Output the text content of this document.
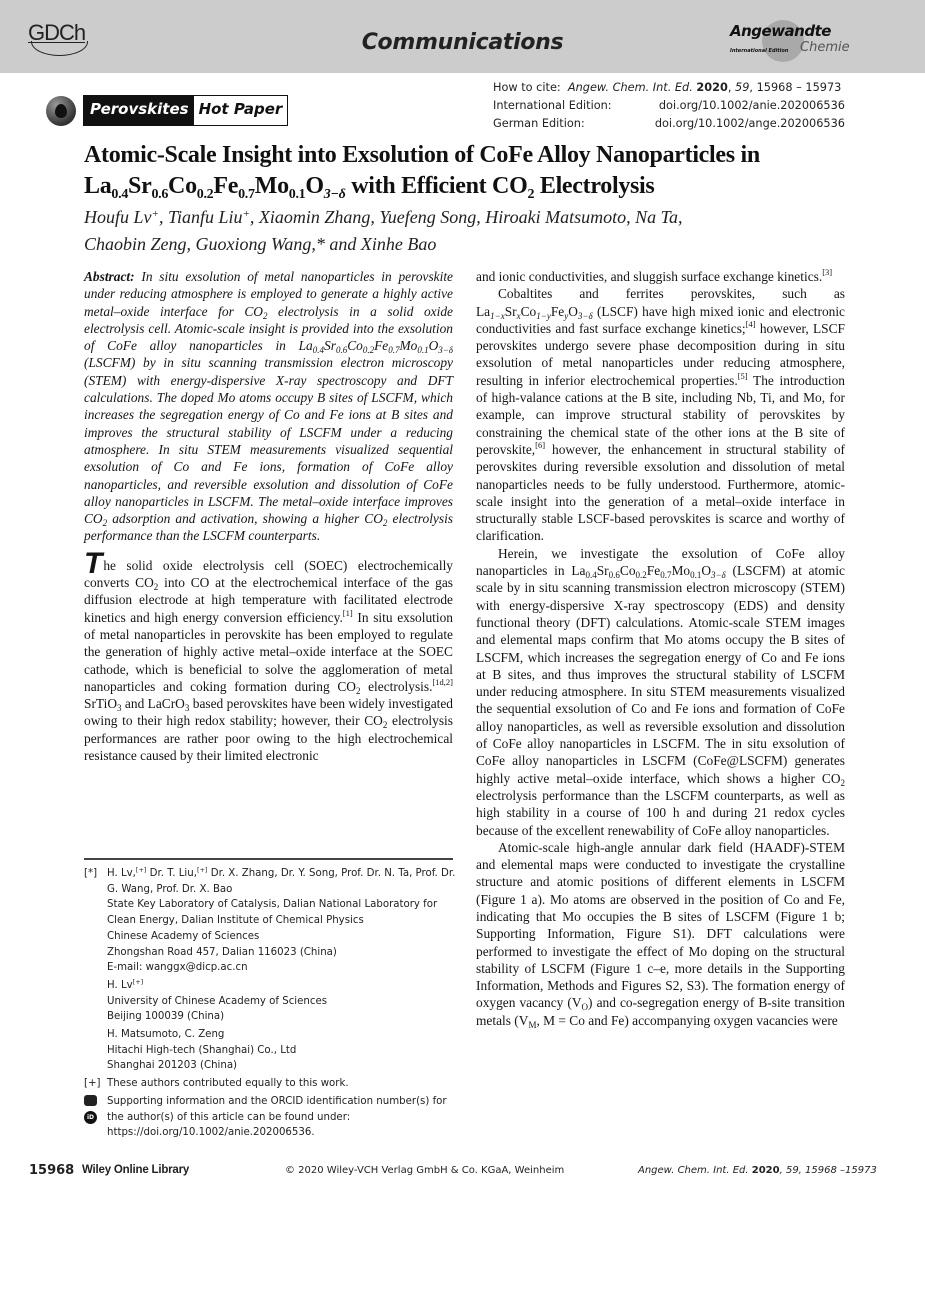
GDCh	Communications	Angewandte
International Edition Chemie
Perovskites Hot Paper
How to cite: Angew. Chem. Int. Ed. 2020, 59, 15968 – 15973
International Edition:	doi.org/10.1002/anie.202006536
German Edition:	doi.org/10.1002/ange.202006536
Atomic-Scale Insight into Exsolution of CoFe Alloy Nanoparticles in
$La_{0.4}Sr_{0.6}Co_{0.2}Fe_{0.7}Mo_{0.1}O_{3-\delta}$ with Efficient $CO_2$ Electrolysis
Houfu Lv+, Tianfu Liu+, Xiaomin Zhang, Yuefeng Song, Hiroaki Matsumoto, Na Ta,
Chaobin Zeng, Guoxiong Wang,* and Xinhe Bao

Abstract: In situ exsolution of metal nanoparticles in perovskite under reducing atmosphere is employed to generate a highly active metal–oxide interface for $CO_2$ electrolysis in a solid oxide electrolysis cell. Atomic-scale insight is provided into the exsolution of CoFe alloy nanoparticles in $La_{0.4}Sr_{0.6}Co_{0.2}Fe_{0.7}Mo_{0.1}O_{3-\delta}$ (LSCFM) by in situ scanning transmission electron microscopy (STEM) with energy-dispersive X-ray spectroscopy and DFT calculations. The doped Mo atoms occupy B sites of LSCFM, which increases the segregation energy of Co and Fe ions at B sites and improves the structural stability of LSCFM under a reducing atmosphere. In situ STEM measurements visualized sequential exsolution of Co and Fe ions, formation of CoFe alloy nanoparticles, and reversible exsolution and dissolution of CoFe alloy nanoparticles in LSCFM. The metal–oxide interface improves $CO_2$ adsorption and activation, showing a higher $CO_2$ electrolysis performance than the LSCFM counterparts.

The solid oxide electrolysis cell (SOEC) electrochemically converts $CO_2$ into CO at the electrochemical interface of the gas diffusion electrode at high temperature with facilitated electrode kinetics and high energy conversion efficiency.[1] In situ exsolution of metal nanoparticles in perovskite has been employed to regulate the generation of highly active metal–oxide interface at the SOEC cathode, which is beneficial to solve the agglomeration of metal nanoparticles and coking formation during $CO_2$ electrolysis.[1d,2] SrTiO$_3$ and LaCrO$_3$ based perovskites have been widely investigated owing to their high redox stability; however, their $CO_2$ electrolysis performances are rather poor owing to the high electrochemical resistance caused by their limited electronic

[*] H. Lv,[+] Dr. T. Liu,[+] Dr. X. Zhang, Dr. Y. Song, Prof. Dr. N. Ta, Prof. Dr. G. Wang, Prof. Dr. X. Bao
State Key Laboratory of Catalysis, Dalian National Laboratory for Clean Energy, Dalian Institute of Chemical Physics
Chinese Academy of Sciences
Zhongshan Road 457, Dalian 116023 (China)
E-mail: wanggx@dicp.ac.cn
H. Lv[+]
University of Chinese Academy of Sciences
Beijing 100039 (China)
H. Matsumoto, C. Zeng
Hitachi High-tech (Shanghai) Co., Ltd
Shanghai 201203 (China)
[+] These authors contributed equally to this work.
iD
Supporting information and the ORCID identification number(s) for the author(s) of this article can be found under:
https://doi.org/10.1002/anie.202006536.

and ionic conductivities, and sluggish surface exchange kinetics.[3]

Cobaltites and ferrites perovskites, such as $La_{1-x}Sr_xCo_{1-y}Fe_yO_{3-\delta}$ (LSCF) have high mixed ionic and electronic conductivities and fast surface exchange kinetics;[4] however, LSCF perovskites undergo severe phase decomposition during in situ exsolution of metal nanoparticles under reducing atmosphere, resulting in inferior electrochemical properties.[5] The introduction of high-valance cations at the B site, including Nb, Ti, and Mo, for example, can improve structural stability of perovskites by constraining the chemical state of the other ions at the B site of perovskite,[6] however, the enhancement in structural stability of perovskites during reversible exsolution and dissolution of metal nanoparticles needs to be fully understood. Furthermore, atomic-scale insight into the generation of a metal–oxide interface in structurally stable LSCF-based perovskites is scarce and worthy of clarification.

Herein, we investigate the exsolution of CoFe alloy nanoparticles in $La_{0.4}Sr_{0.6}Co_{0.2}Fe_{0.7}Mo_{0.1}O_{3-\delta}$ (LSCFM) at atomic scale by in situ scanning transmission electron microscopy (STEM) with energy-dispersive X-ray spectroscopy (EDS) and density functional theory (DFT) calculations. Atomic-scale STEM images and elemental maps confirm that Mo atoms occupy the B sites of LSCFM, which increases the segregation energy of Co and Fe ions at B sites, and thus improves the structural stability of LSCFM under reducing atmosphere. In situ STEM measurements visualized the sequential exsolution of Co and Fe ions and formation of CoFe alloy nanoparticles, as well as reversible exsolution and dissolution of CoFe alloy nanoparticles in LSCFM. The in situ exsolution of CoFe alloy nanoparticles in LSCFM (CoFe@LSCFM) generates highly active metal–oxide interface, which shows a higher $CO_2$ electrolysis performance than the LSCFM counterparts, as well as high stability in a course of 100 h and during 21 redox cycles because of the excellent renewability of CoFe alloy nanoparticles.

Atomic-scale high-angle annular dark field (HAADF)-STEM and elemental maps were conducted to investigate the crystalline structure and atomic positions of different elements in LSCFM (Figure 1 a). Mo atoms are observed in the position of Co and Fe, indicating that Mo occupies the B sites of LSCFM (Figure 1 b; Supporting Information, Figure S1). DFT calculations were performed to investigate the effect of Mo doping on the structural stability of LSCFM (Figure 1 c–e, more details in the Supporting Information, Methods and Figures S2, S3). The formation energy of oxygen vacancy $(V_O)$ and co-segregation energy of B-site transition metals ($V_M$, M = Co and Fe) accompanying oxygen vacancies were

15968 Wiley Online Library	© 2020 Wiley-VCH Verlag GmbH & Co. KGaA, Weinheim	Angew. Chem. Int. Ed. 2020, 59, 15968 –15973
